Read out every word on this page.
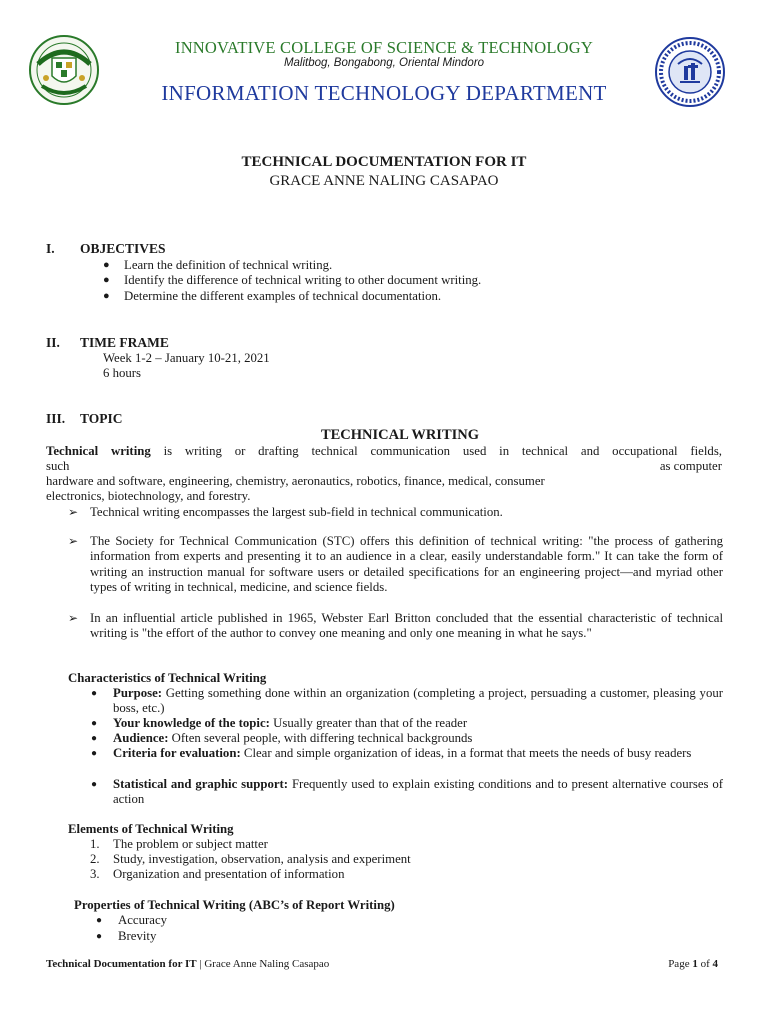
INNOVATIVE COLLEGE OF SCIENCE & TECHNOLOGY
Malitbog, Bongabong, Oriental Mindoro
INFORMATION TECHNOLOGY DEPARTMENT
TECHNICAL DOCUMENTATION FOR IT
GRACE ANNE NALING CASAPAO
I. OBJECTIVES
● Learn the definition of technical writing.
● Identify the difference of technical writing to other document writing.
● Determine the different examples of technical documentation.
II. TIME FRAME
Week 1-2 – January 10-21, 2021
6 hours
III. TOPIC
TECHNICAL WRITING
Technical writing is writing or drafting technical communication used in technical and occupational fields,
such	as computer
hardware and software, engineering, chemistry, aeronautics, robotics, finance, medical, consumer
electronics, biotechnology, and forestry.
➢ Technical writing encompasses the largest sub-field in technical communication.
➢ The Society for Technical Communication (STC) offers this definition of technical writing: "the process of gathering information from experts and presenting it to an audience in a clear, easily understandable form." It can take the form of writing an instruction manual for software users or detailed specifications for an engineering project—and myriad other types of writing in technical, medicine, and science fields.
➢ In an influential article published in 1965, Webster Earl Britton concluded that the essential characteristic of technical writing is "the effort of the author to convey one meaning and only one meaning in what he says."
Characteristics of Technical Writing
● Purpose: Getting something done within an organization (completing a project, persuading a customer, pleasing your boss, etc.)
● Your knowledge of the topic: Usually greater than that of the reader
● Audience: Often several people, with differing technical backgrounds
● Criteria for evaluation: Clear and simple organization of ideas, in a format that meets the needs of busy readers
● Statistical and graphic support: Frequently used to explain existing conditions and to present alternative courses of action
Elements of Technical Writing
1. The problem or subject matter
2. Study, investigation, observation, analysis and experiment
3. Organization and presentation of information
Properties of Technical Writing (ABC’s of Report Writing)
● Accuracy
● Brevity
Technical Documentation for IT | Grace Anne Naling Casapao	Page 1 of 4
